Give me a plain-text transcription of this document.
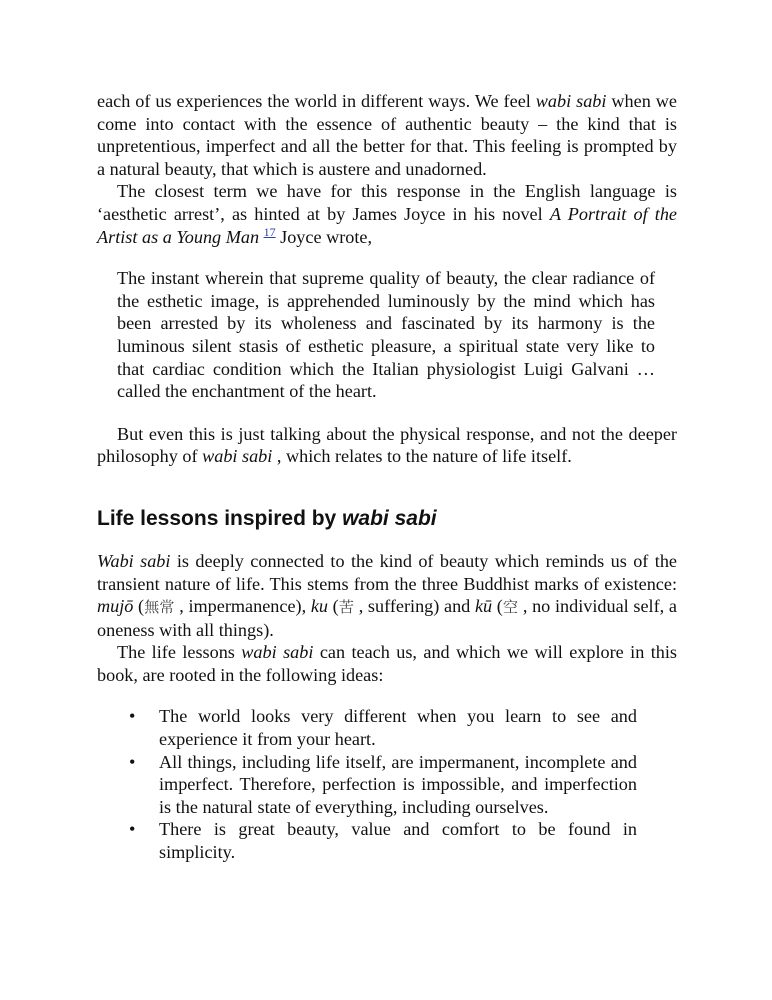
each of us experiences the world in different ways. We feel wabi sabi when we come into contact with the essence of authentic beauty – the kind that is unpretentious, imperfect and all the better for that. This feeling is prompted by a natural beauty, that which is austere and unadorned.

The closest term we have for this response in the English language is ‘aesthetic arrest’, as hinted at by James Joyce in his novel A Portrait of the Artist as a Young Man $^{17}$ Joyce wrote,

The instant wherein that supreme quality of beauty, the clear radiance of the esthetic image, is apprehended luminously by the mind which has been arrested by its wholeness and fascinated by its harmony is the luminous silent stasis of esthetic pleasure, a spiritual state very like to that cardiac condition which the Italian physiologist Luigi Galvani … called the enchantment of the heart.

But even this is just talking about the physical response, and not the deeper philosophy of wabi sabi , which relates to the nature of life itself.

Life lessons inspired by wabi sabi

Wabi sabi is deeply connected to the kind of beauty which reminds us of the transient nature of life. This stems from the three Buddhist marks of existence: mujō (無常 , impermanence), ku (苦 , suffering) and kū (空 , no individual self, a oneness with all things).

The life lessons wabi sabi can teach us, and which we will explore in this book, are rooted in the following ideas:

• The world looks very different when you learn to see and experience it from your heart.
• All things, including life itself, are impermanent, incomplete and imperfect. Therefore, perfection is impossible, and imperfection is the natural state of everything, including ourselves.
• There is great beauty, value and comfort to be found in simplicity.
